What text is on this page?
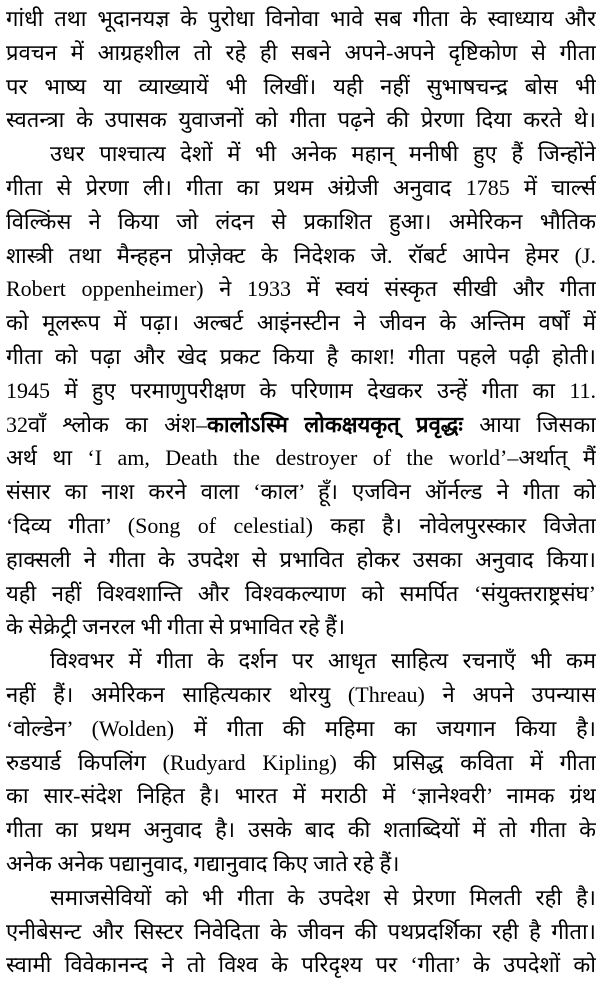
गांधी तथा भूदानयज्ञ के पुरोधा विनोवा भावे सब गीता के स्वाध्याय और
प्रवचन में आग्रहशील तो रहे ही सबने अपने-अपने दृष्टिकोण से गीता
पर भाष्य या व्याख्यायें भी लिखीं। यही नहीं सुभाषचन्द्र बोस भी
स्वतन्त्रा के उपासक युवाजनों को गीता पढ़ने की प्रेरणा दिया करते थे।
उधर पाश्चात्य देशों में भी अनेक महान् मनीषी हुए हैं जिन्होंने
गीता से प्रेरणा ली। गीता का प्रथम अंग्रेजी अनुवाद 1785 में चार्ल्स
विल्किंस ने किया जो लंदन से प्रकाशित हुआ। अमेरिकन भौतिक
शास्त्री तथा मैन्हहन प्रोजे़क्ट के निदेशक जे. रॉबर्ट आपेन हेमर (J.
Robert oppenheimer) ने 1933 में स्वयं संस्कृत सीखी और गीता
को मूलरूप में पढ़ा। अल्बर्ट आइंनस्टीन ने जीवन के अन्तिम वर्षों में
गीता को पढ़ा और खेद प्रकट किया है काश! गीता पहले पढ़ी होती।
1945 में हुए परमाणुपरीक्षण के परिणाम देखकर उन्हें गीता का 11.
32वाँ श्लोक का अंश–कालोऽस्मि लोकक्षयकृत् प्रवृद्धः आया जिसका
अर्थ था ‘I am, Death the destroyer of the world’–अर्थात् मैं
संसार का नाश करने वाला ‘काल’ हूँ। एजविन ऑर्नल्ड ने गीता को
‘दिव्य गीता’ (Song of celestial) कहा है। नोवेलपुरस्कार विजेता
हाक्सली ने गीता के उपदेश से प्रभावित होकर उसका अनुवाद किया।
यही नहीं विश्वशान्ति और विश्वकल्याण को समर्पित ‘संयुक्तराष्ट्रसंघ’
के सेक्रेट्री जनरल भी गीता से प्रभावित रहे हैं।
विश्वभर में गीता के दर्शन पर आधृत साहित्य रचनाएँ भी कम
नहीं हैं। अमेरिकन साहित्यकार थोरयु (Threau) ने अपने उपन्यास
‘वोल्डेन’ (Wolden) में गीता की महिमा का जयगान किया है।
रुडयार्ड किपलिंग (Rudyard Kipling) की प्रसिद्ध कविता में गीता
का सार-संदेश निहित है। भारत में मराठी में ‘ज्ञानेश्वरी’ नामक ग्रंथ
गीता का प्रथम अनुवाद है। उसके बाद की शताब्दियों में तो गीता के
अनेक अनेक पद्यानुवाद, गद्यानुवाद किए जाते रहे हैं।
समाजसेवियों को भी गीता के उपदेश से प्रेरणा मिलती रही है।
एनीबेसन्ट और सिस्टर निवेदिता के जीवन की पथप्रदर्शिका रही है गीता।
स्वामी विवेकानन्द ने तो विश्व के परिदृश्य पर ‘गीता’ के उपदेशों को
